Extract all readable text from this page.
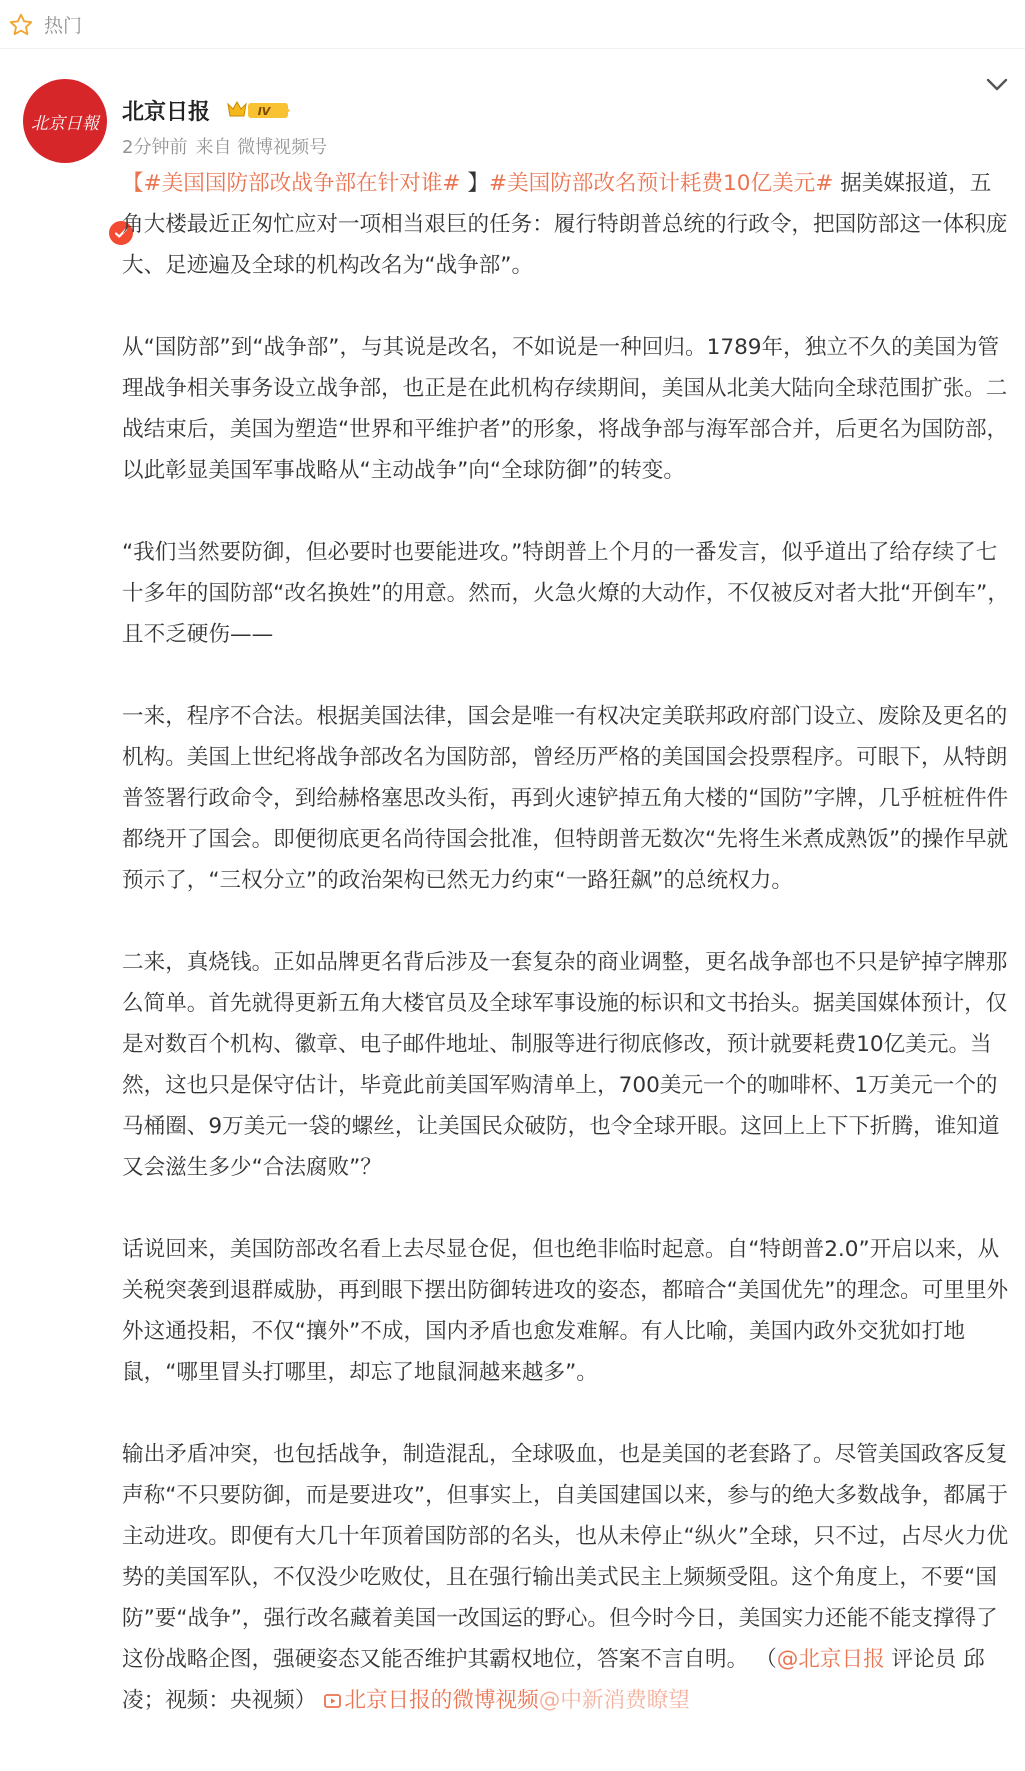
热门
北京日報 北京日报	IV
2分钟前 来自 微博视频号

【#美国国防部改战争部在针对谁# 】#美国防部改名预计耗费10亿美元# 据美媒报道，五角大楼最近正匆忙应对一项相当艰巨的任务：履行特朗普总统的行政令，把国防部这一体积庞大、足迹遍及全球的机构改名为“战争部”。

从“国防部”到“战争部”，与其说是改名，不如说是一种回归。1789年，独立不久的美国为管理战争相关事务设立战争部，也正是在此机构存续期间，美国从北美大陆向全球范围扩张。二战结束后，美国为塑造“世界和平维护者”的形象，将战争部与海军部合并，后更名为国防部，以此彰显美国军事战略从“主动战争”向“全球防御”的转变。

“我们当然要防御，但必要时也要能进攻。”特朗普上个月的一番发言，似乎道出了给存续了七十多年的国防部“改名换姓”的用意。然而，火急火燎的大动作，不仅被反对者大批“开倒车”，且不乏硬伤——

一来，程序不合法。根据美国法律，国会是唯一有权决定美联邦政府部门设立、废除及更名的机构。美国上世纪将战争部改名为国防部，曾经历严格的美国国会投票程序。可眼下，从特朗普签署行政命令，到给赫格塞思改头衔，再到火速铲掉五角大楼的“国防”字牌，几乎桩桩件件都绕开了国会。即便彻底更名尚待国会批准，但特朗普无数次“先将生米煮成熟饭”的操作早就预示了，“三权分立”的政治架构已然无力约束“一路狂飙”的总统权力。

二来，真烧钱。正如品牌更名背后涉及一套复杂的商业调整，更名战争部也不只是铲掉字牌那么简单。首先就得更新五角大楼官员及全球军事设施的标识和文书抬头。据美国媒体预计，仅是对数百个机构、徽章、电子邮件地址、制服等进行彻底修改，预计就要耗费10亿美元。当然，这也只是保守估计，毕竟此前美国军购清单上，700美元一个的咖啡杯、1万美元一个的马桶圈、9万美元一袋的螺丝，让美国民众破防，也令全球开眼。这回上上下下折腾，谁知道又会滋生多少“合法腐败”？

话说回来，美国防部改名看上去尽显仓促，但也绝非临时起意。自“特朗普2.0”开启以来，从关税突袭到退群威胁，再到眼下摆出防御转进攻的姿态，都暗合“美国优先”的理念。可里里外外这通投耜，不仅“攘外”不成，国内矛盾也愈发难解。有人比喻，美国内政外交犹如打地鼠，“哪里冒头打哪里，却忘了地鼠洞越来越多”。

输出矛盾冲突，也包括战争，制造混乱，全球吸血，也是美国的老套路了。尽管美国政客反复声称“不只要防御，而是要进攻”，但事实上，自美国建国以来，参与的绝大多数战争，都属于主动进攻。即便有大几十年顶着国防部的名头，也从未停止“纵火”全球，只不过，占尽火力优势的美国军队，不仅没少吃败仗，且在强行输出美式民主上频频受阻。这个角度上，不要“国防”要“战争”，强行改名藏着美国一改国运的野心。但今时今日，美国实力还能不能支撑得了这份战略企图，强硬姿态又能否维护其霸权地位，答案不言自明。 （@北京日报 评论员 邱凌；视频：央视频） 北京日报的微博视频@中新消费瞭望
